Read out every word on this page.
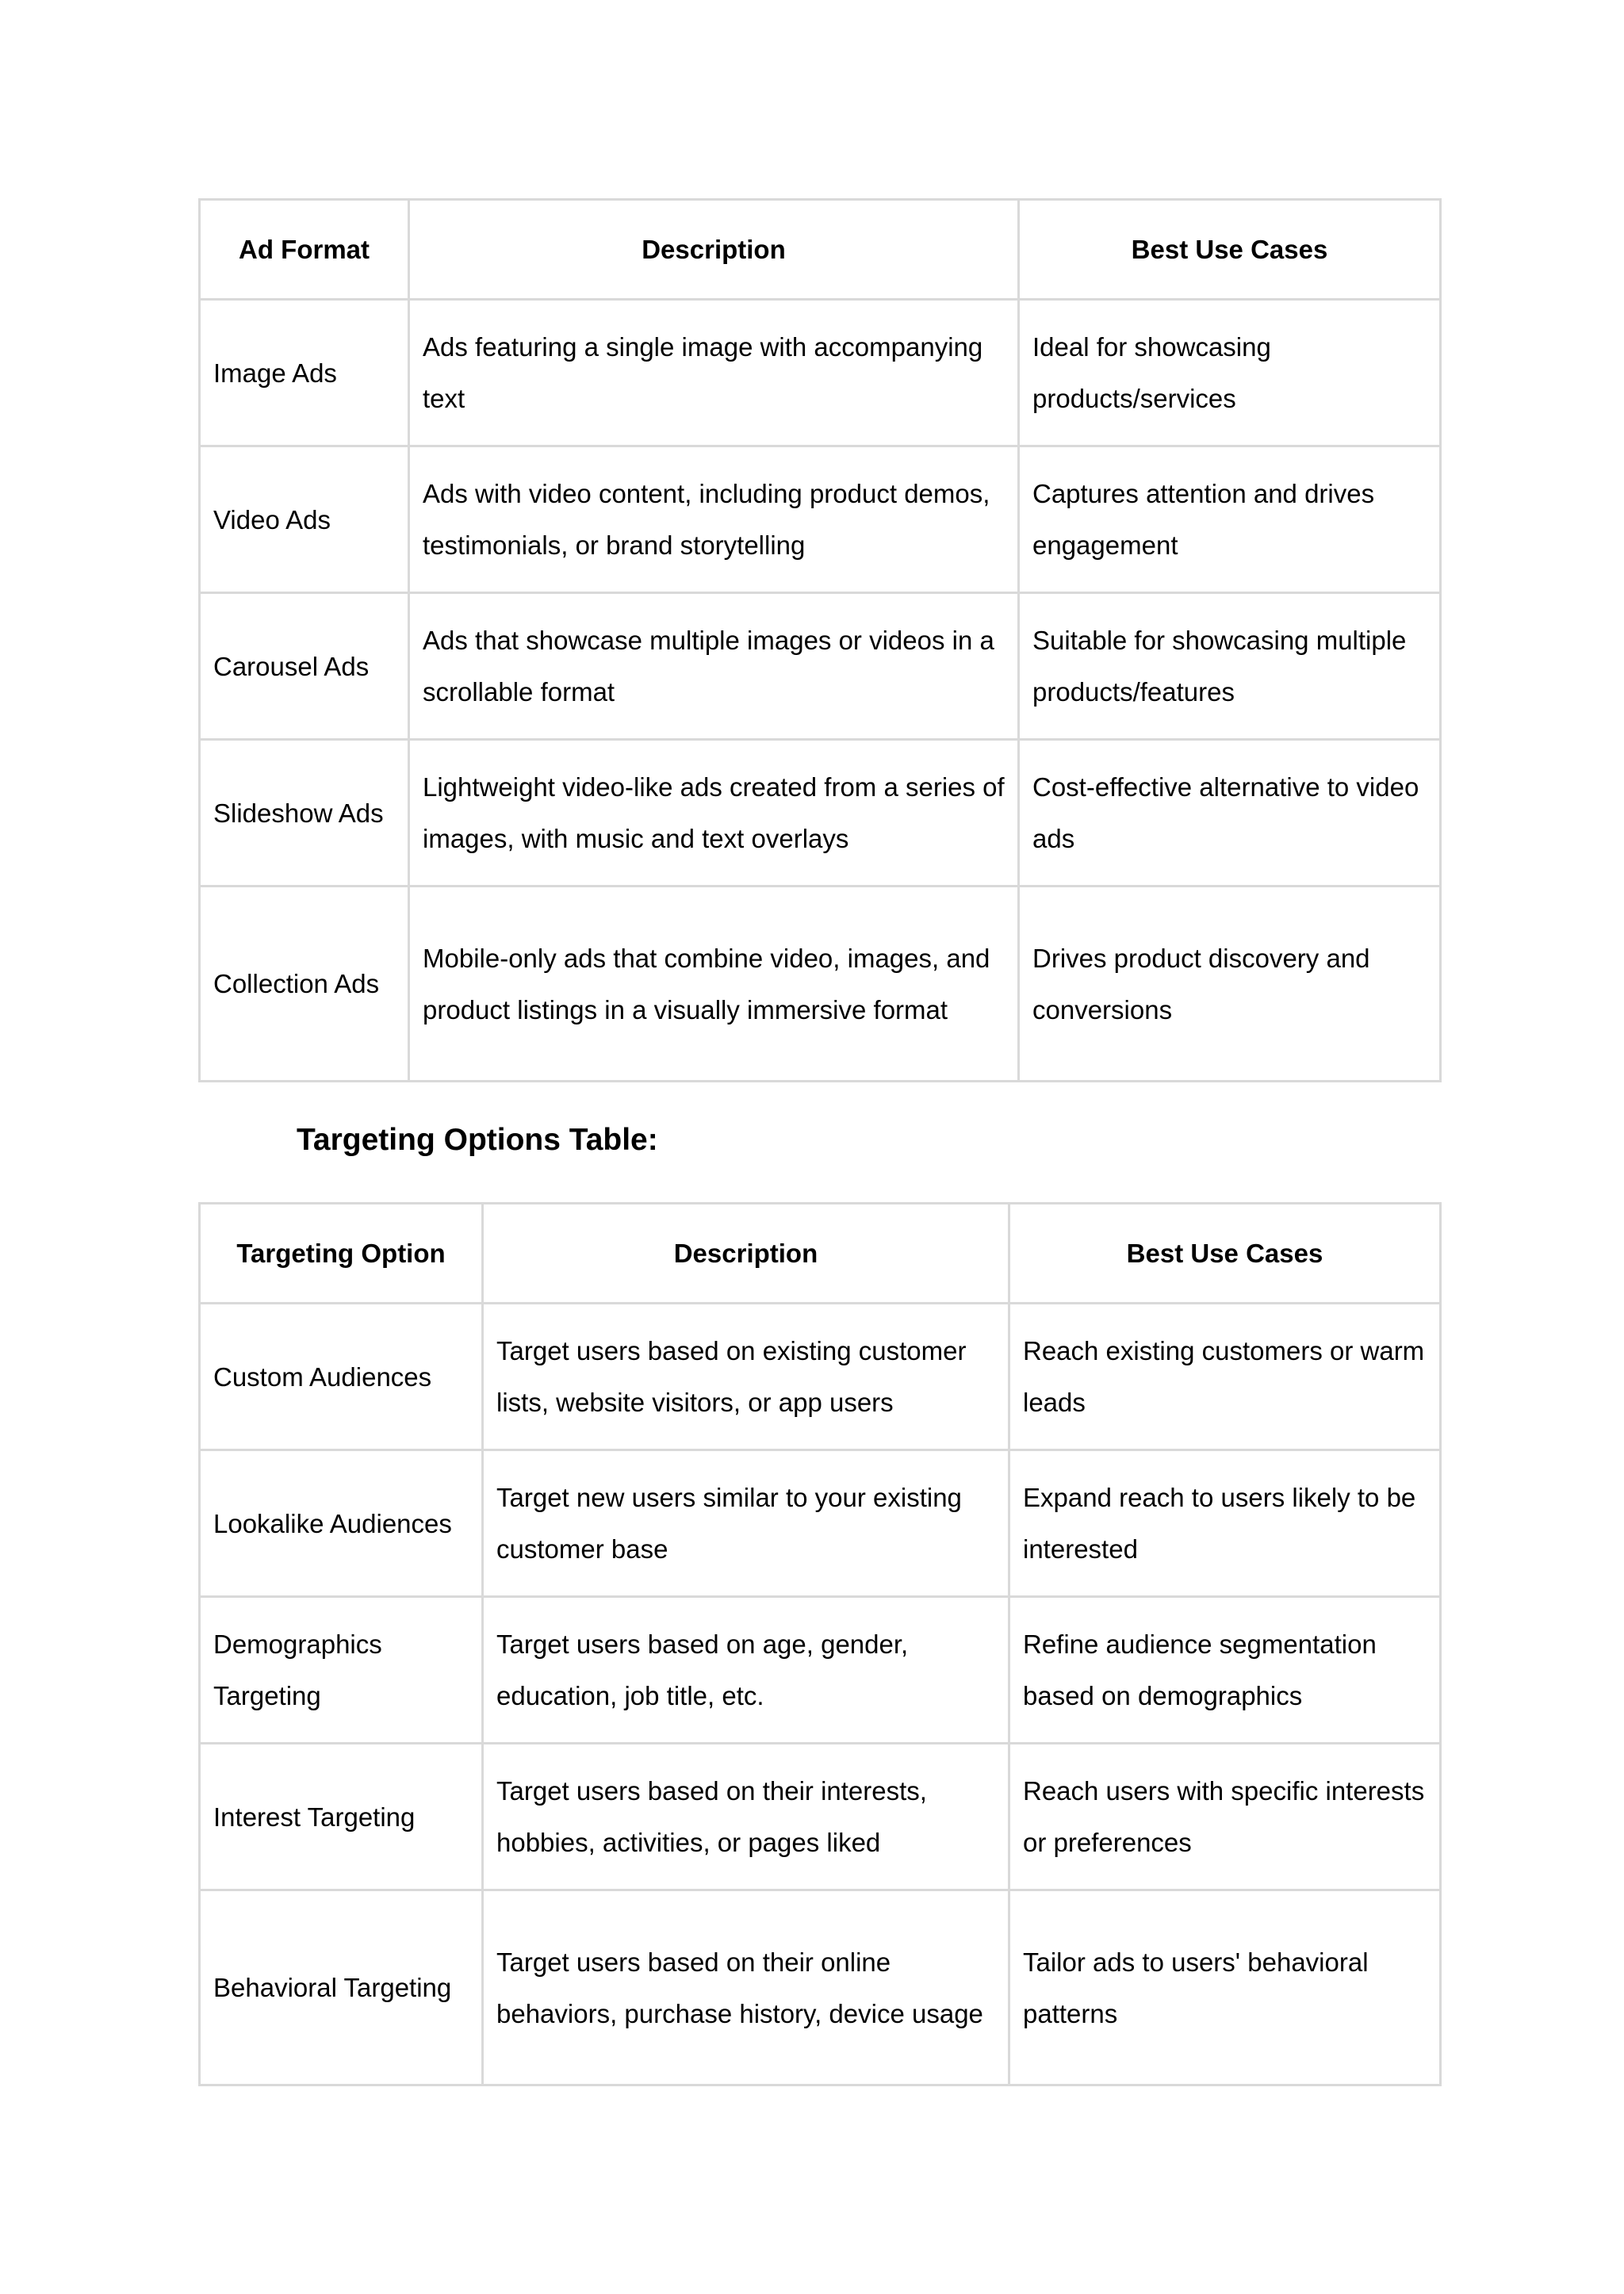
Ad Format	Description	Best Use Cases
Image Ads	Ads featuring a single image with accompanying text	Ideal for showcasing products/services
Video Ads	Ads with video content, including product demos, testimonials, or brand storytelling	Captures attention and drives engagement
Carousel Ads	Ads that showcase multiple images or videos in a scrollable format	Suitable for showcasing multiple products/features
Slideshow Ads	Lightweight video-like ads created from a series of images, with music and text overlays	Cost-effective alternative to video ads
Collection Ads	Mobile-only ads that combine video, images, and product listings in a visually immersive format	Drives product discovery and conversions
Targeting Options Table:
Targeting Option	Description	Best Use Cases
Custom Audiences	Target users based on existing customer lists, website visitors, or app users	Reach existing customers or warm leads
Lookalike Audiences	Target new users similar to your existing customer base	Expand reach to users likely to be interested
Demographics Targeting	Target users based on age, gender, education, job title, etc.	Refine audience segmentation based on demographics
Interest Targeting	Target users based on their interests, hobbies, activities, or pages liked	Reach users with specific interests or preferences
Behavioral Targeting	Target users based on their online behaviors, purchase history, device usage	Tailor ads to users' behavioral patterns
